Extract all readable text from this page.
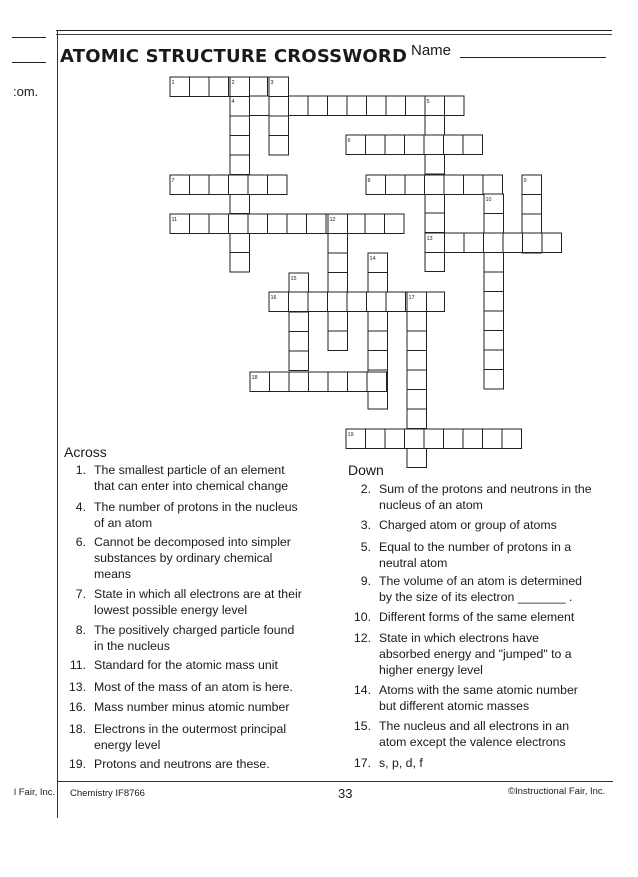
:om.
ATOMIC STRUCTURE CROSSWORD Name
1	2	3
4	5
6
7	8	9
10
11	12
13
14
15
16	17
18
19
Across
1. The smallest particle of an element
that can enter into chemical change
4. The number of protons in the nucleus
of an atom
6. Cannot be decomposed into simpler
substances by ordinary chemical
means
7. State in which all electrons are at their
lowest possible energy level
8. The positively charged particle found
in the nucleus
11. Standard for the atomic mass unit
13. Most of the mass of an atom is here.
16. Mass number minus atomic number
18. Electrons in the outermost principal
energy level
19. Protons and neutrons are these.
Down
2. Sum of the protons and neutrons in the
nucleus of an atom
3. Charged atom or group of atoms
5. Equal to the number of protons in a
neutral atom
9. The volume of an atom is determined
by the size of its electron _______ .
10. Different forms of the same element
12. State in which electrons have
absorbed energy and "jumped" to a
higher energy level
14. Atoms with the same atomic number
but different atomic masses
15. The nucleus and all electrons in an
atom except the valence electrons
17. s, p, d, f
l Fair, Inc. Chemistry IF8766	33	©Instructional Fair, Inc.
